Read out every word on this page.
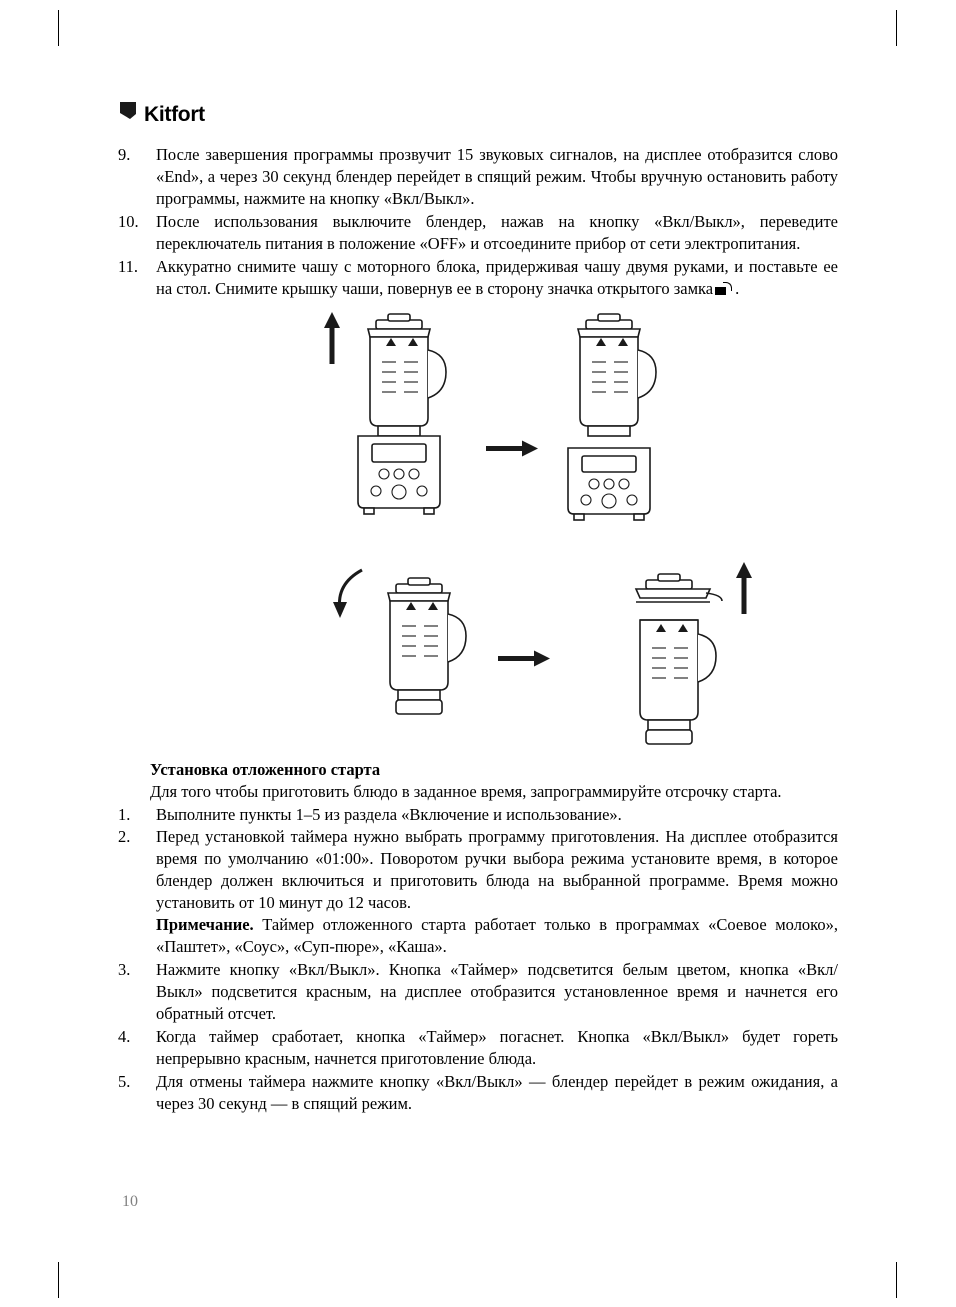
Kitfort
9.	После завершения программы прозвучит 15 звуковых сигналов, на дисплее отобразится слово «End», а через 30 секунд блендер перейдет в спящий режим. Чтобы вручную остановить работу программы, нажмите на кнопку «Вкл/Выкл».
10.	После использования выключите блендер, нажав на кнопку «Вкл/Выкл», переведите переключатель питания в положение «OFF» и отсоедините прибор от сети электропитания.
11.	Аккуратно снимите чашу с моторного блока, придерживая чашу двумя руками, и поставьте ее на стол. Снимите крышку чаши, повернув ее в сторону значка открытого замка .
Установка отложенного старта

Для того чтобы приготовить блюдо в заданное время, запрограммируйте отсрочку старта.

1.	Выполните пункты 1–5 из раздела «Включение и использование».
2.	Перед установкой таймера нужно выбрать программу приготовления. На дисплее отобразится время по умолчанию «01:00». Поворотом ручки выбора режима установите время, в которое блендер должен включиться и приготовить блюда на выбранной программе. Время можно установить от 10 минут до 12 часов.
Примечание. Таймер отложенного старта работает только в программах «Соевое молоко», «Паштет», «Соус», «Суп-пюре», «Каша».
3.	Нажмите кнопку «Вкл/Выкл». Кнопка «Таймер» подсветится белым цветом, кнопка «Вкл/Выкл» подсветится красным, на дисплее отобразится установленное время и начнется его обратный отсчет.
4.	Когда таймер сработает, кнопка «Таймер» погаснет. Кнопка «Вкл/Выкл» будет гореть непрерывно красным, начнется приготовление блюда.
5.	Для отмены таймера нажмите кнопку «Вкл/Выкл» — блендер перейдет в режим ожидания, а через 30 секунд — в спящий режим.
10
